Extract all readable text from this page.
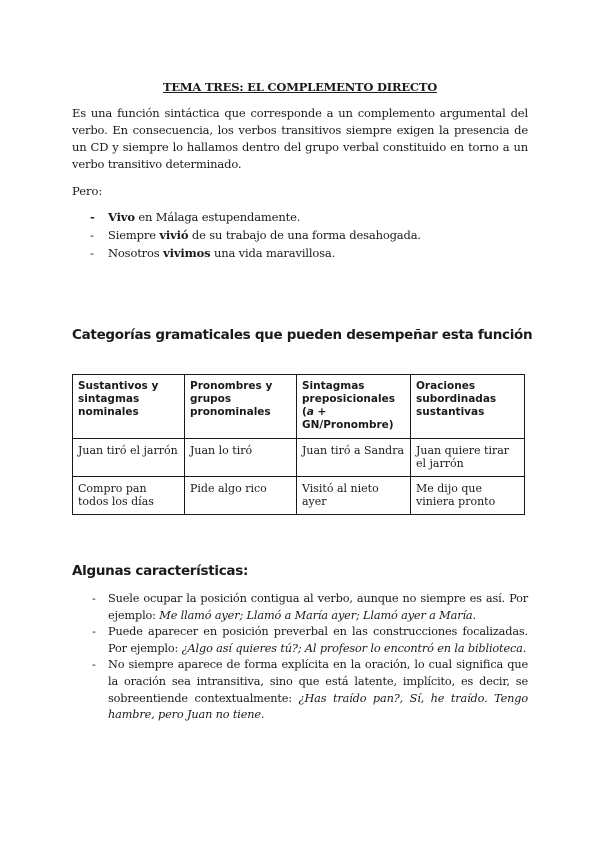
TEMA TRES: EL COMPLEMENTO DIRECTO
Es una función sintáctica que corresponde a un complemento argumental del verbo. En consecuencia, los verbos transitivos siempre exigen la presencia de un CD y siempre lo hallamos dentro del grupo verbal constituido en torno a un verbo transitivo determinado.
Pero:
- Vivo en Málaga estupendamente.
- Siempre vivió de su trabajo de una forma desahogada.
- Nosotros vivimos una vida maravillosa.
Categorías gramaticales que pueden desempeñar esta función
Sustantivos y sintagmas nominales	Pronombres y grupos pronominales	Sintagmas preposicionales (a + GN/Pronombre)	Oraciones subordinadas sustantivas
Juan tiró el jarrón	Juan lo tiró	Juan tiró a Sandra	Juan quiere tirar el jarrón
Compro pan todos los días	Pide algo rico	Visitó al nieto ayer	Me dijo que viniera pronto
Algunas características:
- Suele ocupar la posición contigua al verbo, aunque no siempre es así. Por ejemplo: Me llamó ayer; Llamó a María ayer; Llamó ayer a María.
- Puede aparecer en posición preverbal en las construcciones focalizadas. Por ejemplo: ¿Algo así quieres tú?; Al profesor lo encontró en la biblioteca.
- No siempre aparece de forma explícita en la oración, lo cual significa que la oración sea intransitiva, sino que está latente, implícito, es decir, se sobreentiende contextualmente: ¿Has traído pan?, Sí, he traído. Tengo hambre, pero Juan no tiene.
